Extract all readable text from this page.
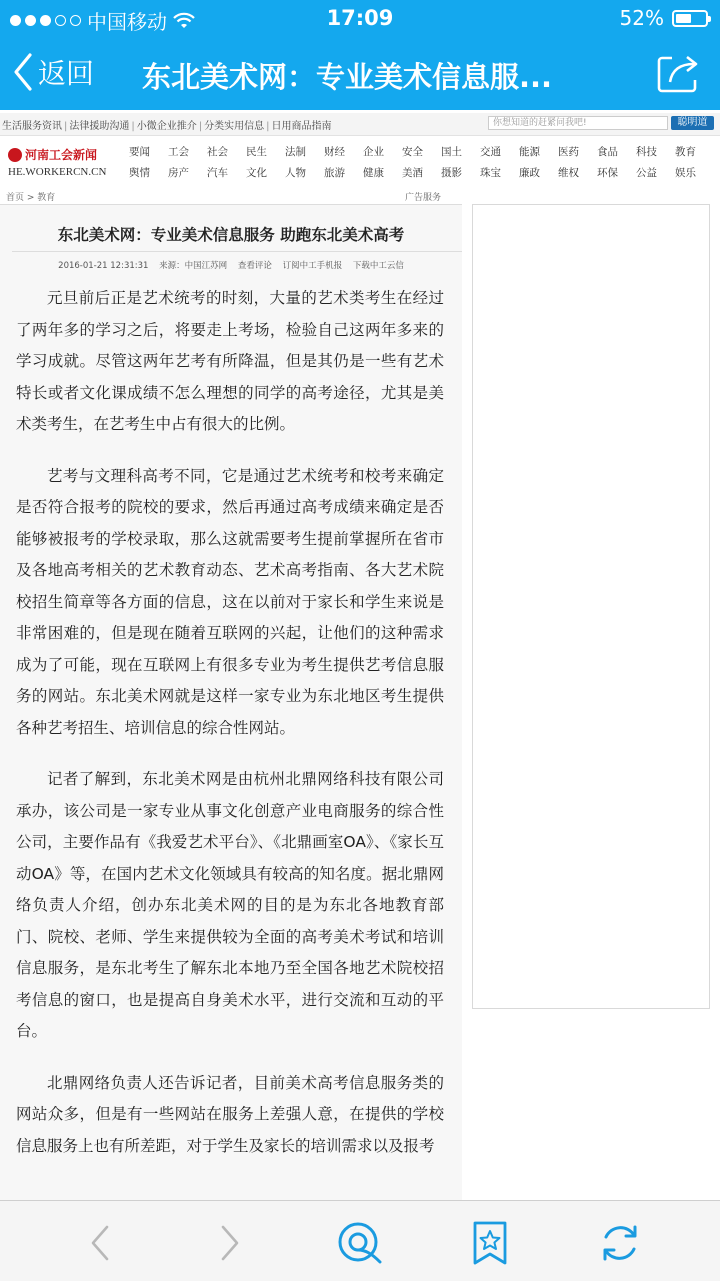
中国移动	17:09	52%
返回 东北美术网：专业美术信息服...
生活服务资讯 | 法律援助沟通 | 小微企业推介 | 分类实用信息 | 日用商品指南	你想知道的赶紧问我吧!	聪明道
河南工会新闻
HE.WORKERCN.CN
要闻	工会	社会	民生	法制	财经	企业	安全	国土	交通	能源	医药	食品	科技	教育
舆情	房产	汽车	文化	人物	旅游	健康	美酒	摄影	珠宝	廉政	维权	环保	公益	娱乐
首页 > 教育	广告服务
东北美术网：专业美术信息服务 助跑东北美术高考
2016-01-21 12:31:31 来源：中国江苏网 查看评论 订阅中工手机报 下载中工云信

元旦前后正是艺术统考的时刻，大量的艺术类考生在经过了两年多的学习之后，将要走上考场，检验自己这两年多来的学习成就。尽管这两年艺考有所降温，但是其仍是一些有艺术特长或者文化课成绩不怎么理想的同学的高考途径，尤其是美术类考生，在艺考生中占有很大的比例。

艺考与文理科高考不同，它是通过艺术统考和校考来确定是否符合报考的院校的要求，然后再通过高考成绩来确定是否能够被报考的学校录取，那么这就需要考生提前掌握所在省市及各地高考相关的艺术教育动态、艺术高考指南、各大艺术院校招生简章等各方面的信息，这在以前对于家长和学生来说是非常困难的，但是现在随着互联网的兴起，让他们的这种需求成为了可能，现在互联网上有很多专业为考生提供艺考信息服务的网站。东北美术网就是这样一家专业为东北地区考生提供各种艺考招生、培训信息的综合性网站。

记者了解到，东北美术网是由杭州北鼎网络科技有限公司承办，该公司是一家专业从事文化创意产业电商服务的综合性公司，主要作品有《我爱艺术平台》、《北鼎画室OA》、《家长互动OA》等，在国内艺术文化领域具有较高的知名度。据北鼎网络负责人介绍，创办东北美术网的目的是为东北各地教育部门、院校、老师、学生来提供较为全面的高考美术考试和培训信息服务，是东北考生了解东北本地乃至全国各地艺术院校招考信息的窗口，也是提高自身美术水平，进行交流和互动的平台。

北鼎网络负责人还告诉记者，目前美术高考信息服务类的网站众多，但是有一些网站在服务上差强人意，在提供的学校信息服务上也有所差距，对于学生及家长的培训需求以及报考
